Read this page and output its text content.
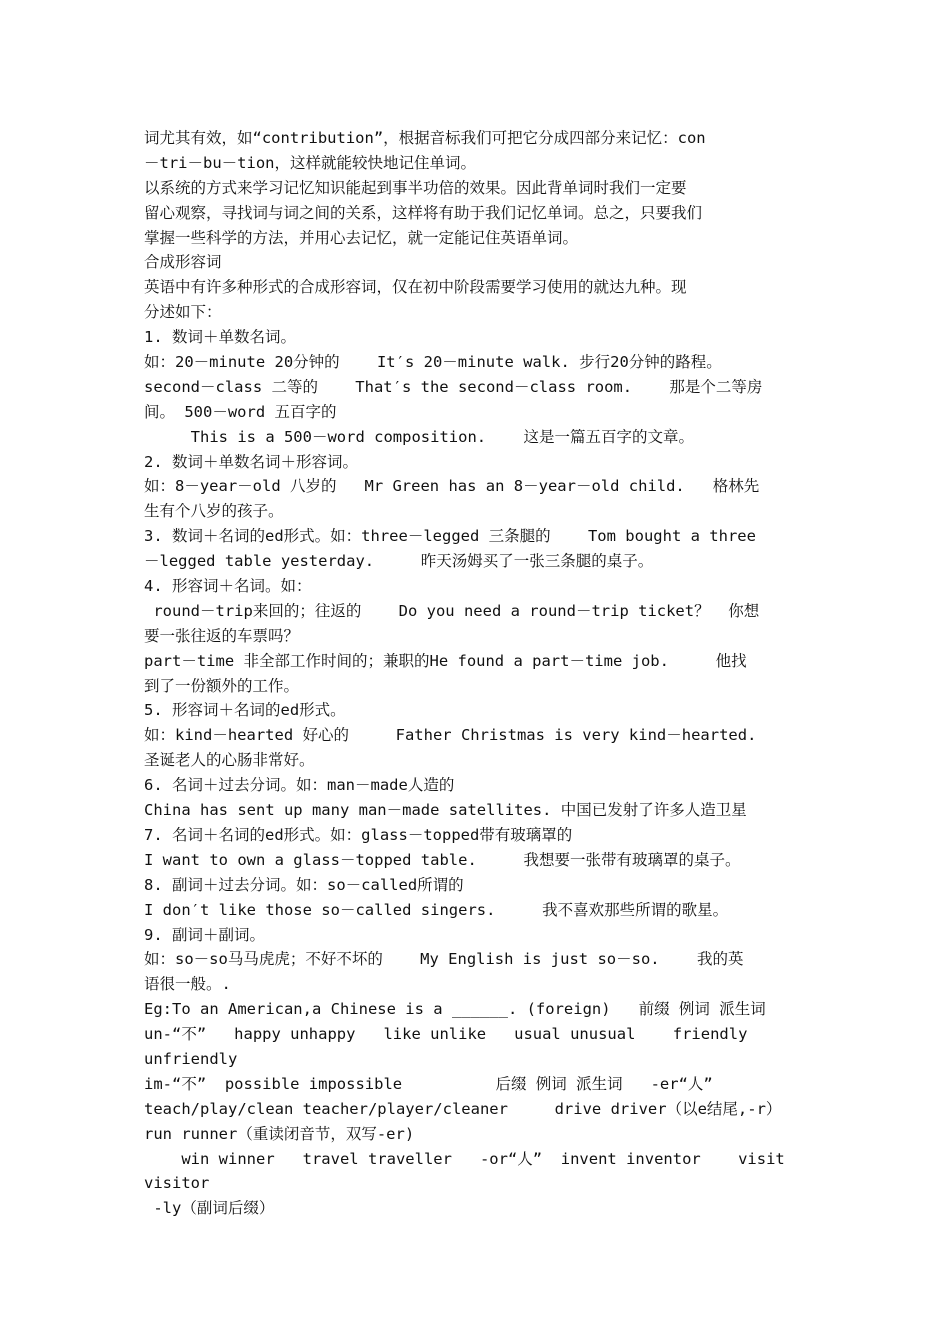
词尤其有效，如“contribution”，根据音标我们可把它分成四部分来记忆：con
－tri－bu－tion，这样就能较快地记住单词。
以系统的方式来学习记忆知识能起到事半功倍的效果。因此背单词时我们一定要
留心观察，寻找词与词之间的关系，这样将有助于我们记忆单词。总之，只要我们
掌握一些科学的方法，并用心去记忆，就一定能记住英语单词。
合成形容词
英语中有许多种形式的合成形容词，仅在初中阶段需要学习使用的就达九种。现
分述如下：
1. 数词＋单数名词。
如：20－minute 20分钟的    It′s 20－minute walk. 步行20分钟的路程。
second－class 二等的    That′s the second－class room.    那是个二等房
间。 500－word 五百字的
This is a 500－word composition.    这是一篇五百字的文章。
2. 数词＋单数名词＋形容词。
如：8－year－old 八岁的   Mr Green has an 8－year－old child.   格林先
生有个八岁的孩子。
3. 数词＋名词的ed形式。如：three－legged 三条腿的    Tom bought a three
－legged table yesterday.     昨天汤姆买了一张三条腿的桌子。
4. 形容词＋名词。如：
round－trip来回的；往返的    Do you need a round－trip ticket？  你想
要一张往返的车票吗？
part－time 非全部工作时间的；兼职的He found a part－time job.     他找
到了一份额外的工作。
5. 形容词＋名词的ed形式。
如：kind－hearted 好心的     Father Christmas is very kind－hearted.
圣诞老人的心肠非常好。
6. 名词＋过去分词。如：man－made人造的
China has sent up many man－made satellites. 中国已发射了许多人造卫星
7. 名词＋名词的ed形式。如：glass－topped带有玻璃罩的
I want to own a glass－topped table.     我想要一张带有玻璃罩的桌子。
8. 副词＋过去分词。如：so－called所谓的
I don′t like those so－called singers.     我不喜欢那些所谓的歌星。
9. 副词＋副词。
如：so－so马马虎虎；不好不坏的    My English is just so－so.    我的英
语很一般。.
Eg:To an American,a Chinese is a ______. (foreign)   前缀 例词 派生词
un-“不”   happy unhappy   like unlike   usual unusual    friendly
unfriendly
im-“不”  possible impossible          后缀 例词 派生词   -er“人”
teach/play/clean teacher/player/cleaner     drive driver（以e结尾,-r）
run runner（重读闭音节，双写-er)
win winner   travel traveller   -or“人”  invent inventor    visit
visitor
-ly（副词后缀）
